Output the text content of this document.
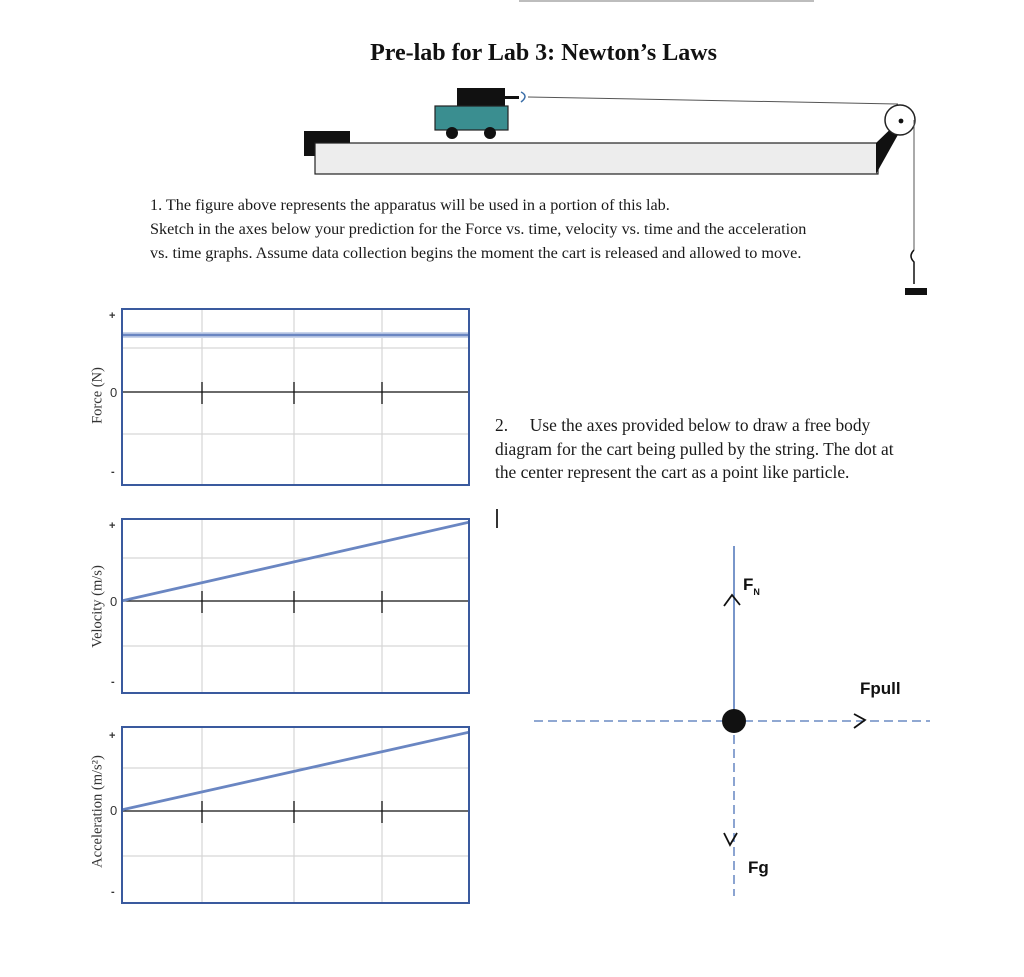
Pre-lab for Lab 3: Newton’s Laws
1. The figure above represents the apparatus will be used in a portion of this lab.
Sketch in the axes below your prediction for the Force vs. time, velocity vs. time and the acceleration
vs. time graphs. Assume data collection begins the moment the cart is released and allowed to move.
Force (N)
+
0
-
Velocity (m/s)
+
0
-
Acceleration (m/s²)
+
0
-
2. Use the axes provided below to draw a free body diagram for the cart being pulled by the string. The dot at the center represent the cart as a point like particle.
$F_N$
Fpull
Fg
